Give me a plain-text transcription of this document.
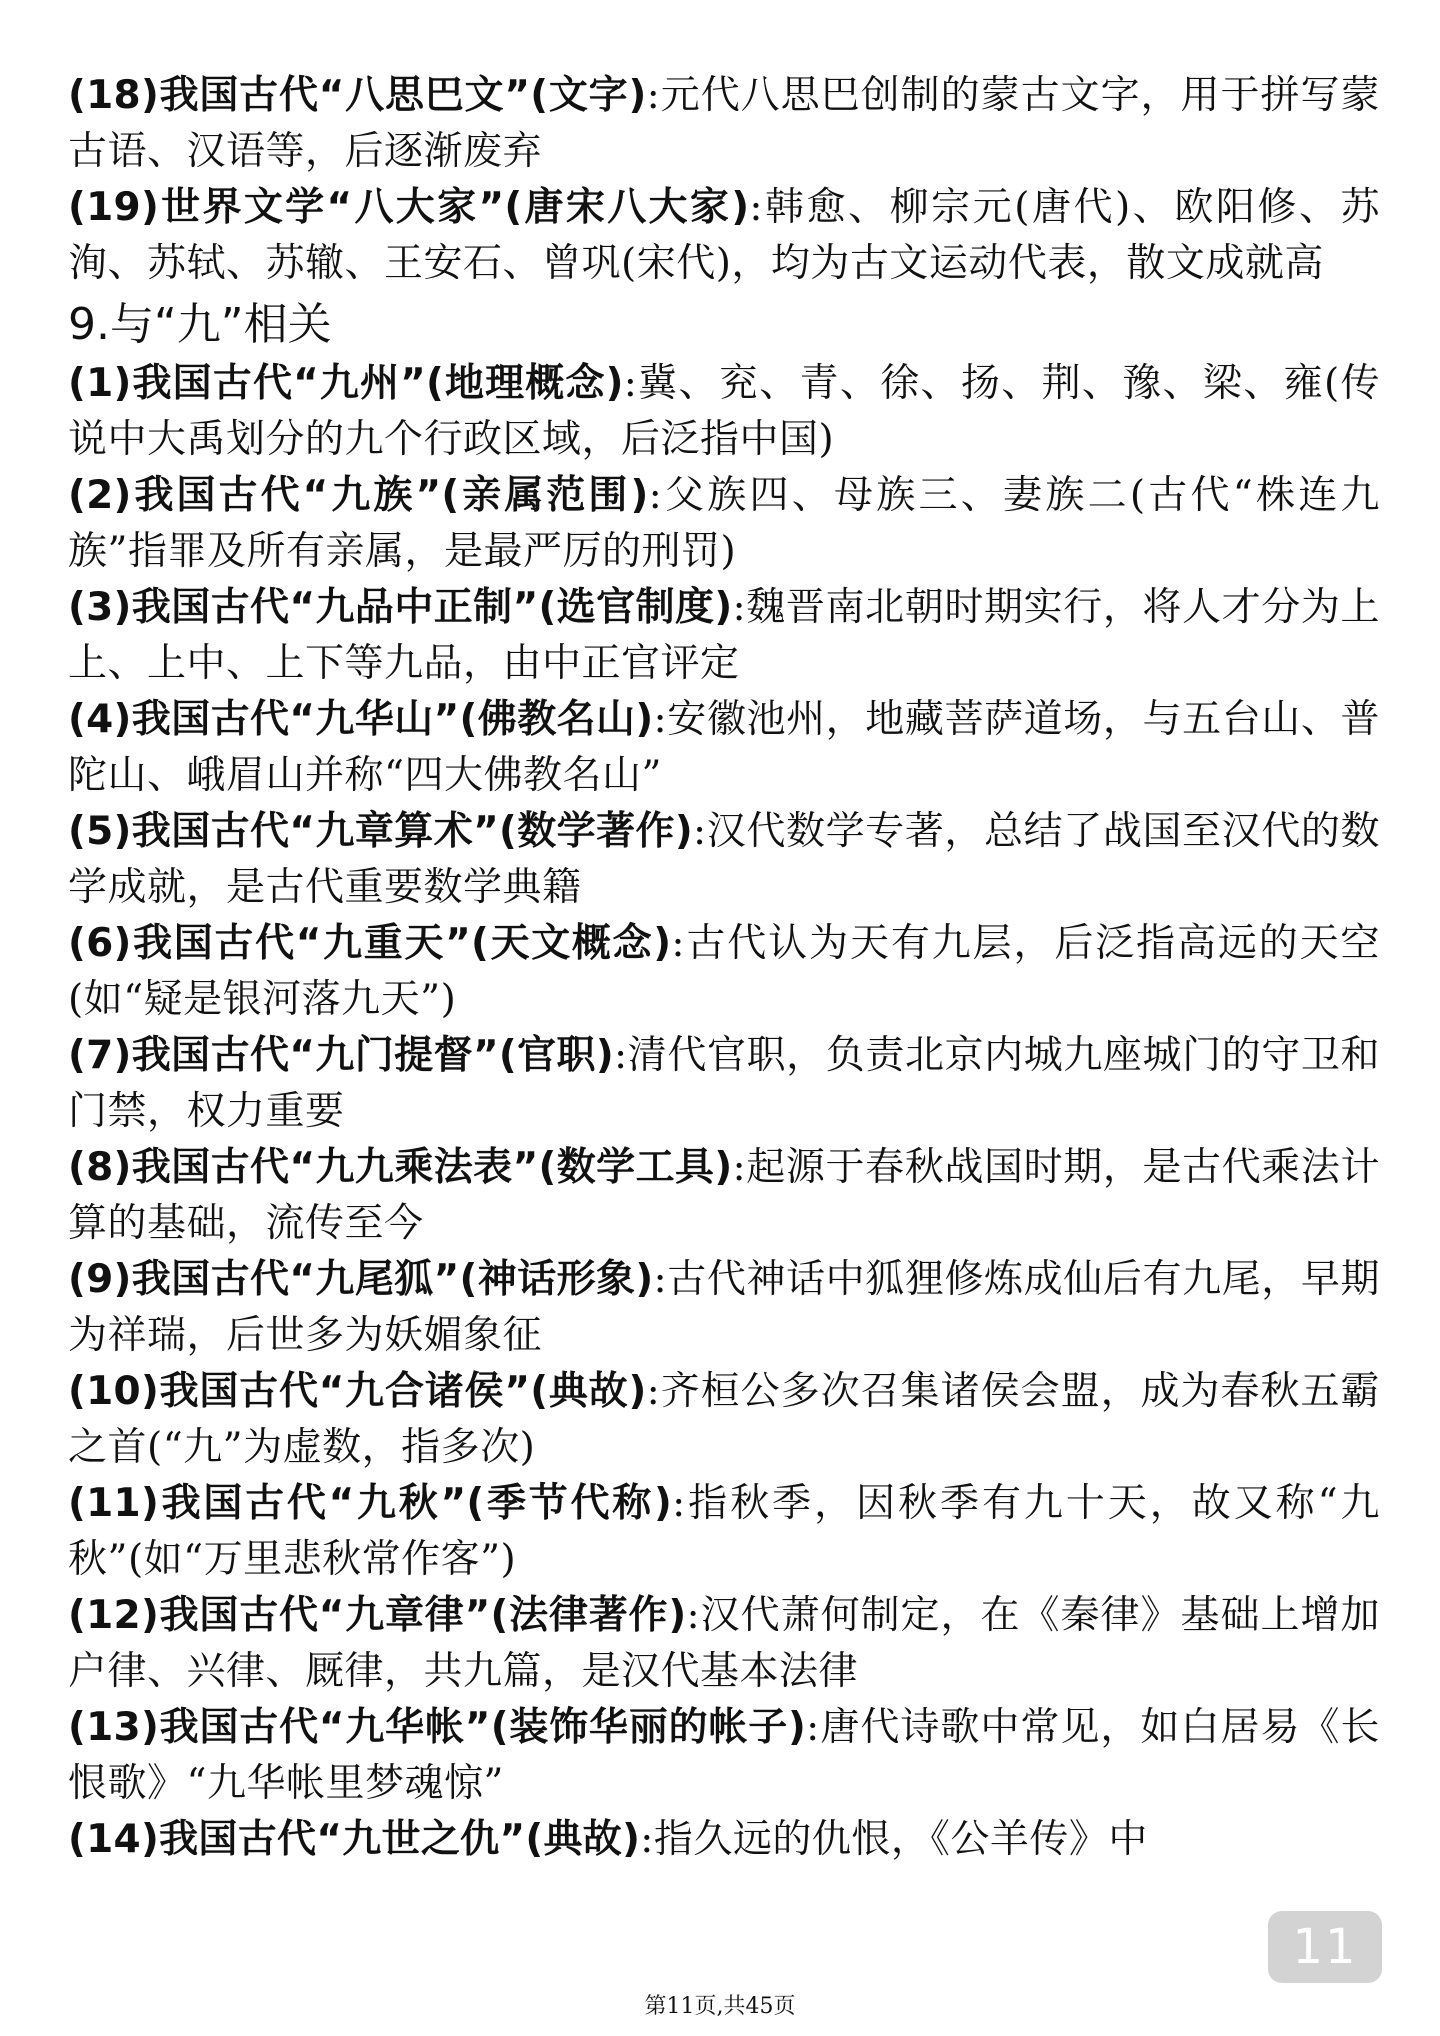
(18)我国古代“八思巴文”(文字):元代八思巴创制的蒙古文字，用于拼写蒙古语、汉语等，后逐渐废弃

(19)世界文学“八大家”(唐宋八大家):韩愈、柳宗元(唐代)、欧阳修、苏洵、苏轼、苏辙、王安石、曾巩(宋代)，均为古文运动代表，散文成就高

9.与“九”相关

(1)我国古代“九州”(地理概念):冀、兖、青、徐、扬、荆、豫、梁、雍(传说中大禹划分的九个行政区域，后泛指中国)

(2)我国古代“九族”(亲属范围):父族四、母族三、妻族二(古代“株连九族”指罪及所有亲属，是最严厉的刑罚)

(3)我国古代“九品中正制”(选官制度):魏晋南北朝时期实行，将人才分为上上、上中、上下等九品，由中正官评定

(4)我国古代“九华山”(佛教名山):安徽池州，地藏菩萨道场，与五台山、普陀山、峨眉山并称“四大佛教名山”

(5)我国古代“九章算术”(数学著作):汉代数学专著，总结了战国至汉代的数学成就，是古代重要数学典籍

(6)我国古代“九重天”(天文概念):古代认为天有九层，后泛指高远的天空(如“疑是银河落九天”)

(7)我国古代“九门提督”(官职):清代官职，负责北京内城九座城门的守卫和门禁，权力重要

(8)我国古代“九九乘法表”(数学工具):起源于春秋战国时期，是古代乘法计算的基础，流传至今

(9)我国古代“九尾狐”(神话形象):古代神话中狐狸修炼成仙后有九尾，早期为祥瑞，后世多为妖媚象征

(10)我国古代“九合诸侯”(典故):齐桓公多次召集诸侯会盟，成为春秋五霸之首(“九”为虚数，指多次)

(11)我国古代“九秋”(季节代称):指秋季，因秋季有九十天，故又称“九秋”(如“万里悲秋常作客”)

(12)我国古代“九章律”(法律著作):汉代萧何制定，在《秦律》基础上增加户律、兴律、厩律，共九篇，是汉代基本法律

(13)我国古代“九华帐”(装饰华丽的帐子):唐代诗歌中常见，如白居易《长恨歌》“九华帐里梦魂惊”

(14)我国古代“九世之仇”(典故):指久远的仇恨，《公羊传》中

11
第11页,共45页
